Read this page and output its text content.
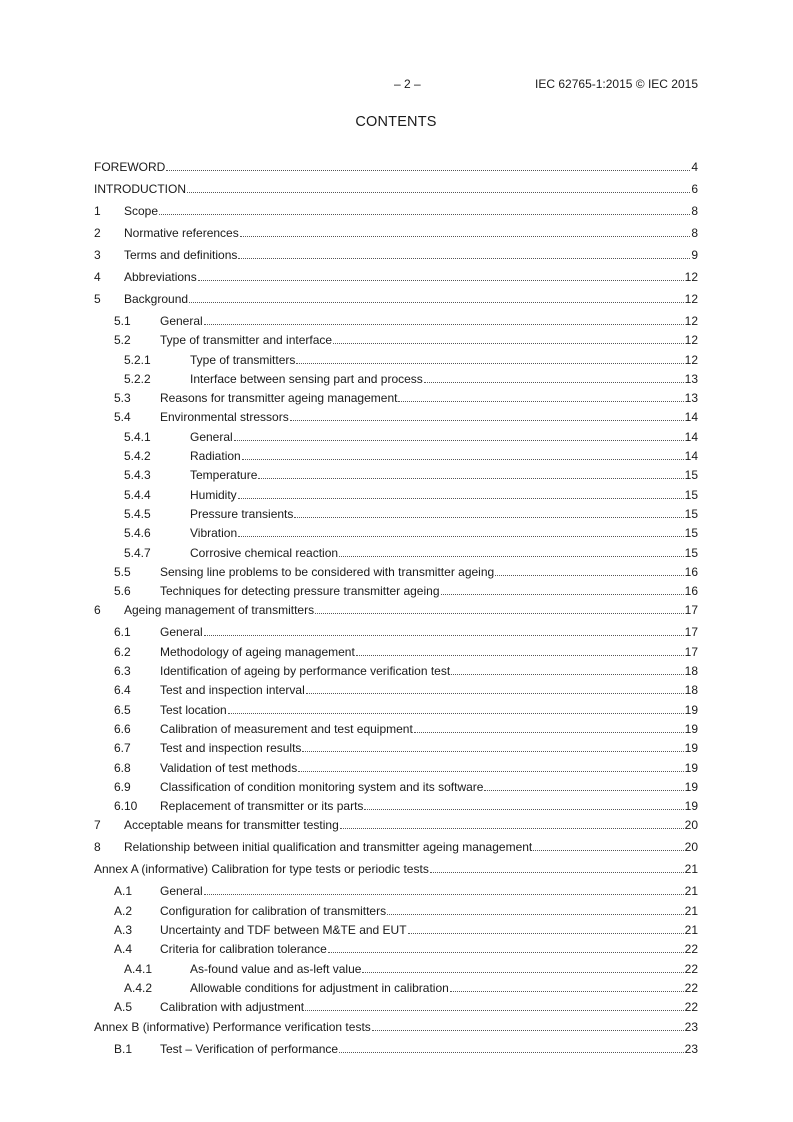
– 2 –	IEC 62765-1:2015 © IEC 2015
CONTENTS
FOREWORD	4
INTRODUCTION	6
1	Scope	8
2	Normative references	8
3	Terms and definitions	9
4	Abbreviations	12
5	Background	12
5.1	General	12
5.2	Type of transmitter and interface	12
5.2.1	Type of transmitters	12
5.2.2	Interface between sensing part and process	13
5.3	Reasons for transmitter ageing management	13
5.4	Environmental stressors	14
5.4.1	General	14
5.4.2	Radiation	14
5.4.3	Temperature	15
5.4.4	Humidity	15
5.4.5	Pressure transients	15
5.4.6	Vibration	15
5.4.7	Corrosive chemical reaction	15
5.5	Sensing line problems to be considered with transmitter ageing	16
5.6	Techniques for detecting pressure transmitter ageing	16
6	Ageing management of transmitters	17
6.1	General	17
6.2	Methodology of ageing management	17
6.3	Identification of ageing by performance verification test	18
6.4	Test and inspection interval	18
6.5	Test location	19
6.6	Calibration of measurement and test equipment	19
6.7	Test and inspection results	19
6.8	Validation of test methods	19
6.9	Classification of condition monitoring system and its software	19
6.10	Replacement of transmitter or its parts	19
7	Acceptable means for transmitter testing	20
8	Relationship between initial qualification and transmitter ageing management	20
Annex A (informative) Calibration for type tests or periodic tests	21
A.1	General	21
A.2	Configuration for calibration of transmitters	21
A.3	Uncertainty and TDF between M&TE and EUT	21
A.4	Criteria for calibration tolerance	22
A.4.1	As-found value and as-left value	22
A.4.2	Allowable conditions for adjustment in calibration	22
A.5	Calibration with adjustment	22
Annex B (informative) Performance verification tests	23
B.1	Test – Verification of performance	23
